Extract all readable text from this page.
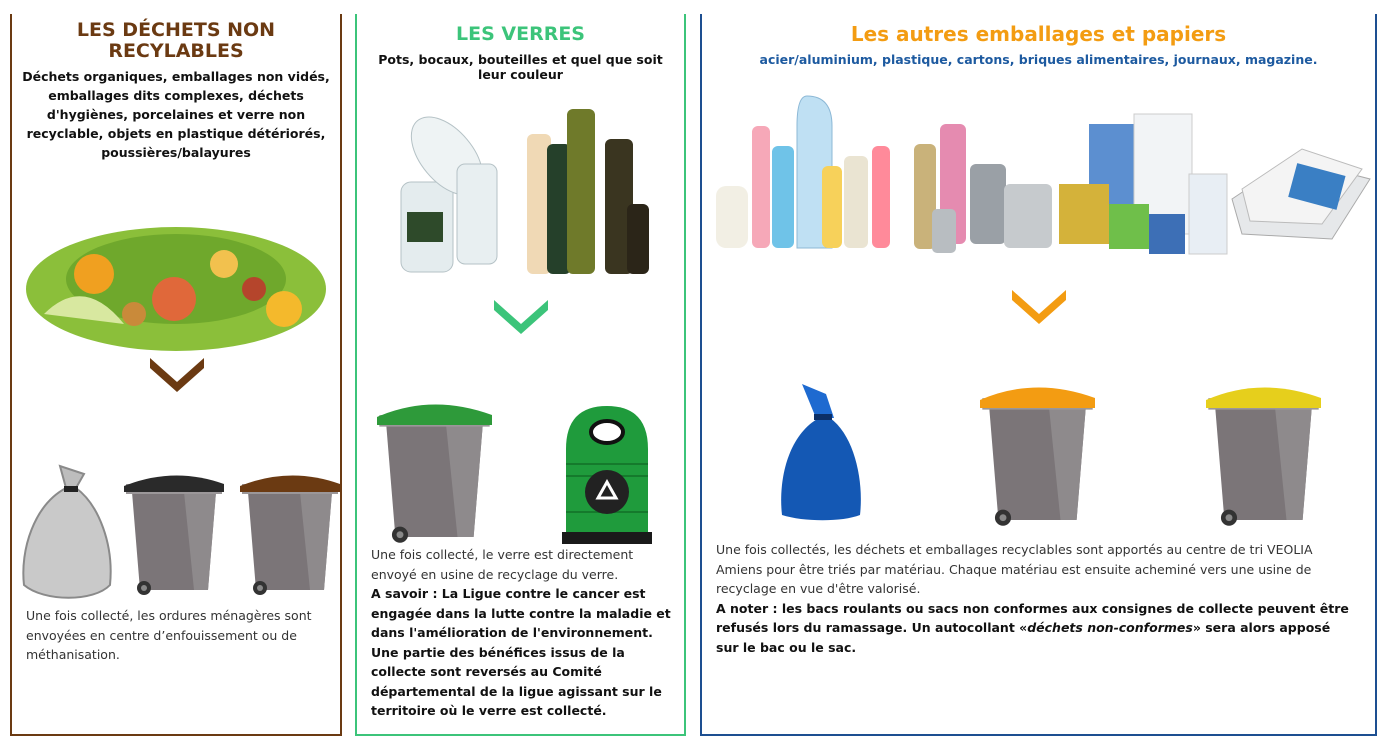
LES DÉCHETS NON RECYLABLES
Déchets organiques, emballages non vidés, emballages dits complexes, déchets d'hygiènes, porcelaines et verre non recyclable, objets en plastique détériorés, poussières/balayures
Une fois collecté, les ordures ménagères sont envoyées en centre d’enfouissement ou de méthanisation.
LES VERRES
Pots, bocaux, bouteilles et quel que soit leur couleur
Une fois collecté, le verre est directement envoyé en usine de recyclage du verre.
A savoir : La Ligue contre le cancer est engagée dans la lutte contre la maladie et dans l'amélioration de l'environnement. Une partie des bénéfices issus de la collecte sont reversés au Comité départemental de la ligue agissant sur le territoire où le verre est collecté.
Les autres emballages et papiers
acier/aluminium, plastique, cartons, briques alimentaires, journaux, magazine.
Une fois collectés, les déchets et emballages recyclables sont apportés au centre de tri VEOLIA Amiens pour être triés par matériau. Chaque matériau est ensuite acheminé vers une usine de recyclage en vue d'être valorisé.
A noter : les bacs roulants ou sacs non conformes aux consignes de collecte peuvent être refusés lors du ramassage. Un autocollant «déchets non-conformes» sera alors apposé sur le bac ou le sac.
